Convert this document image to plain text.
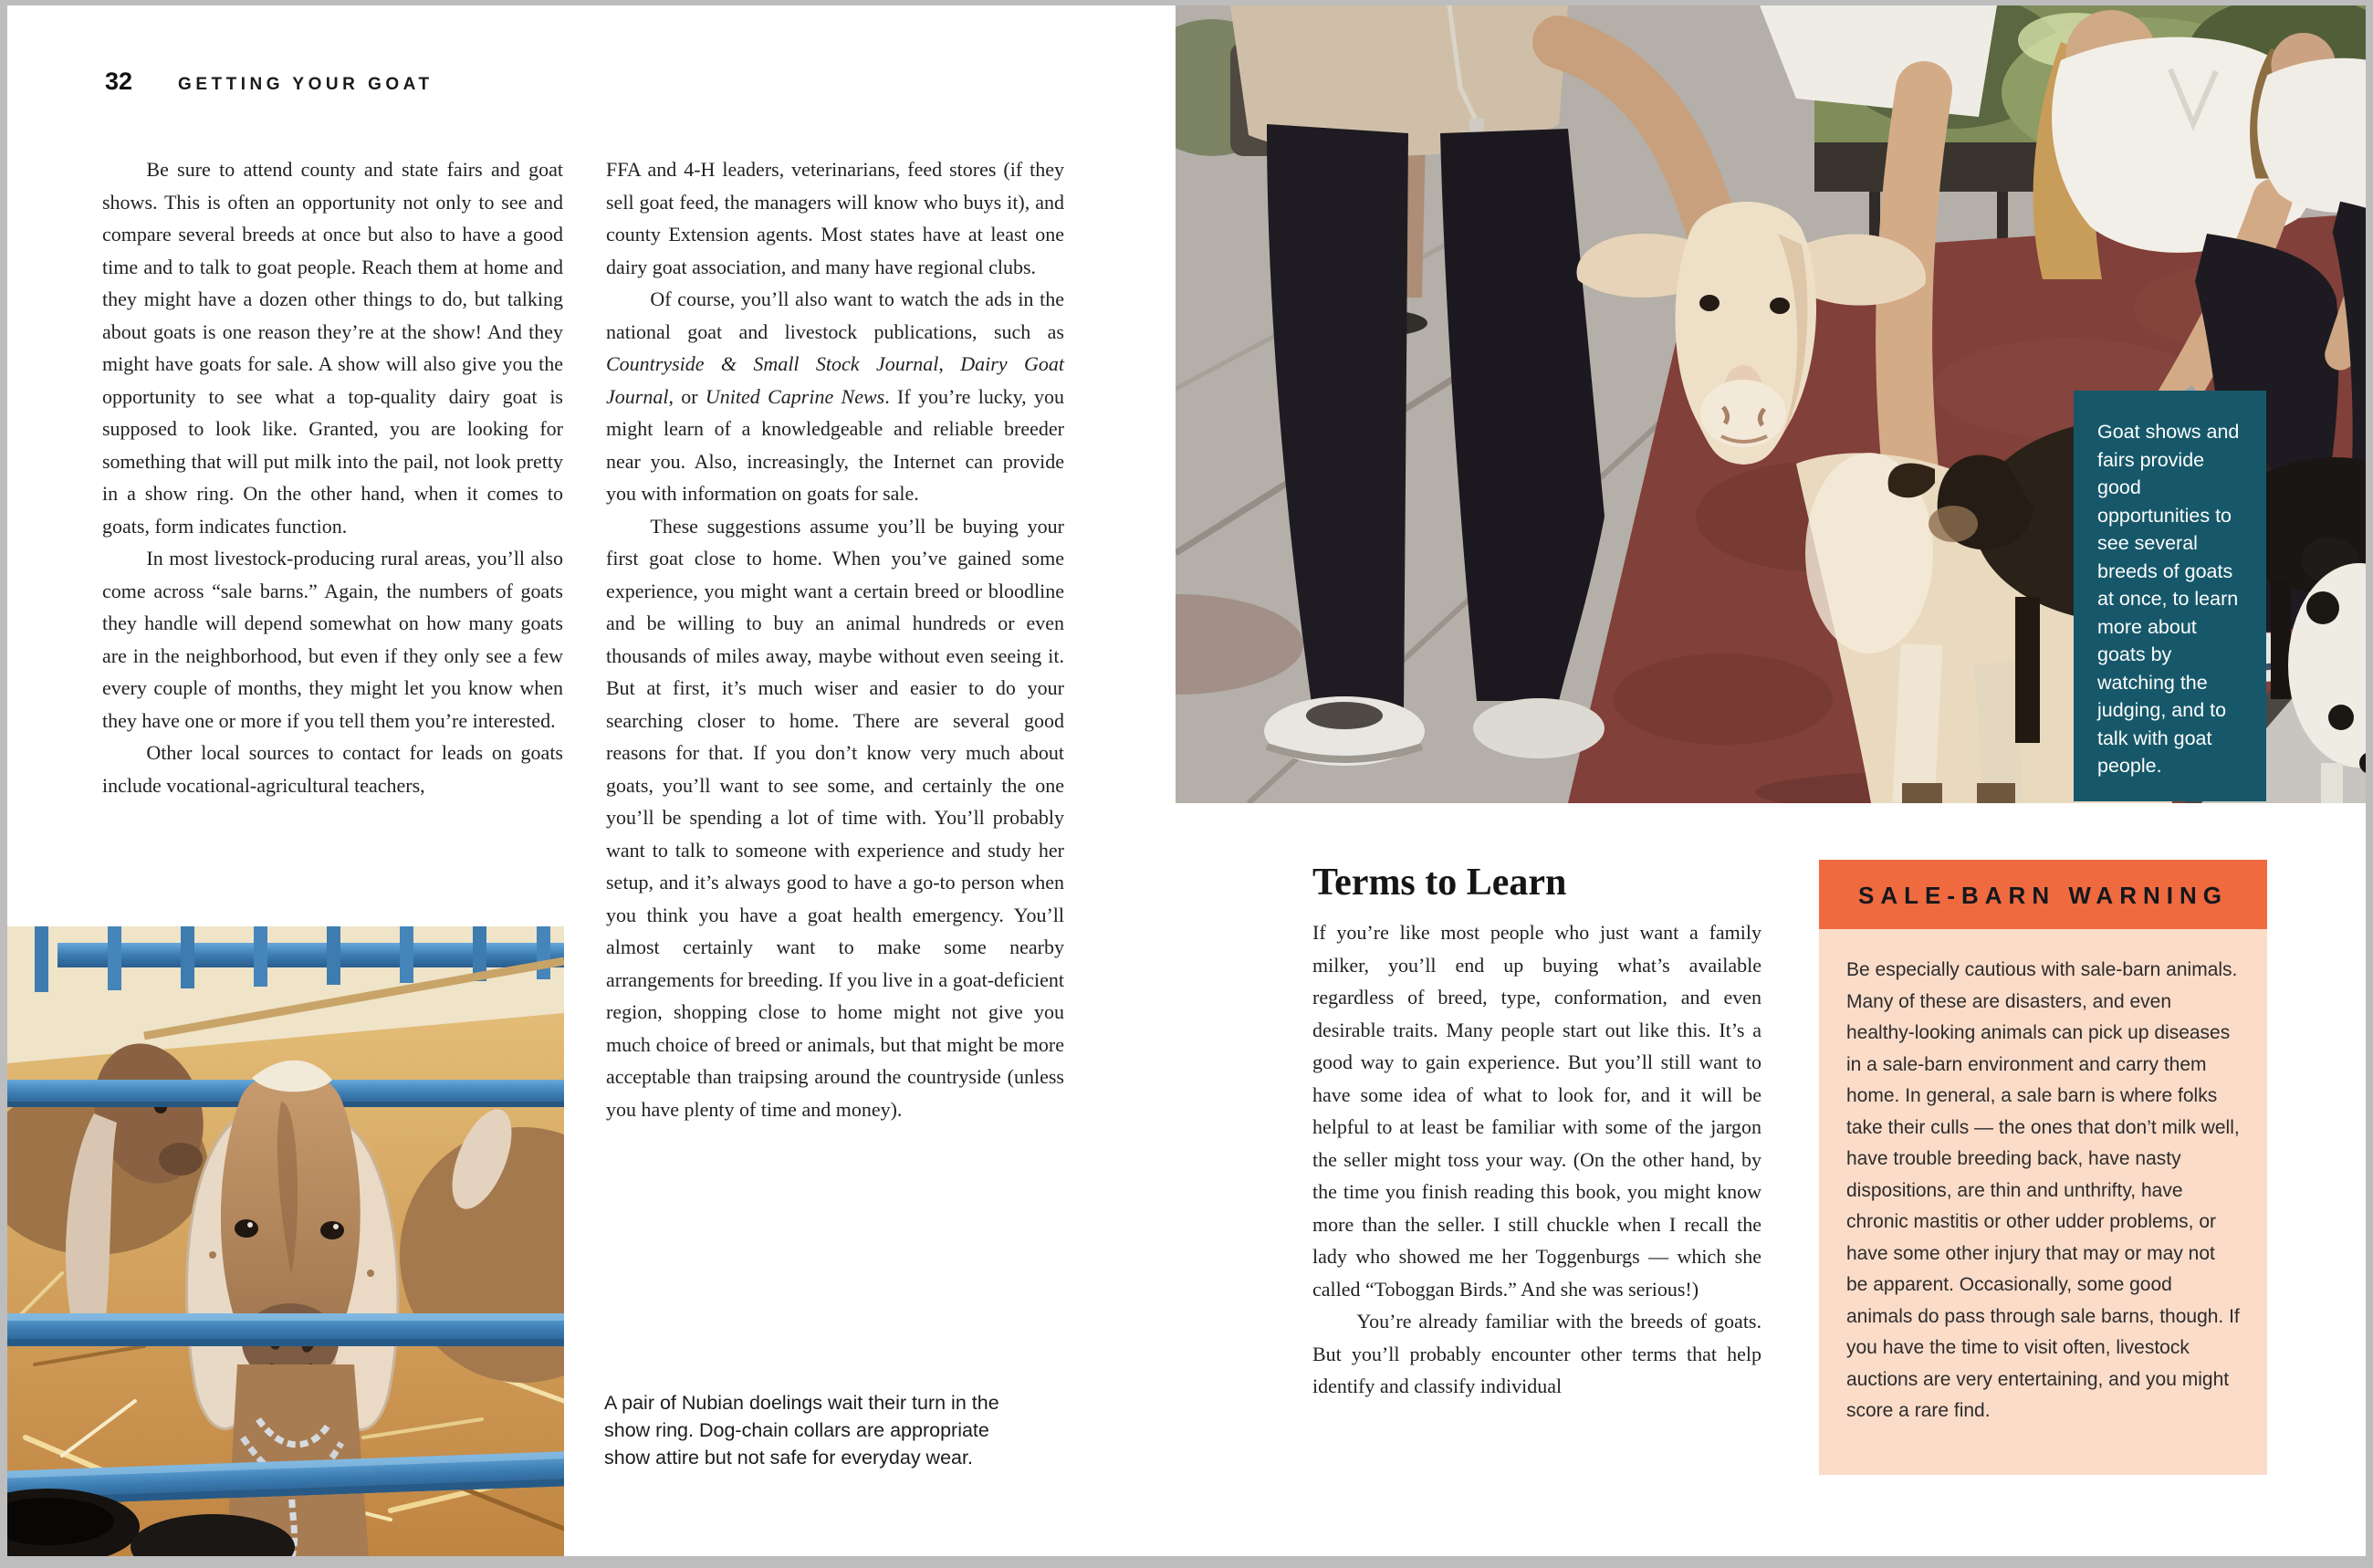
32	GETTING YOUR GOAT

Be sure to attend county and state fairs and goat shows. This is often an opportunity not only to see and compare several breeds at once but also to have a good time and to talk to goat people. Reach them at home and they might have a dozen other things to do, but talking about goats is one reason they’re at the show! And they might have goats for sale. A show will also give you the opportunity to see what a top-quality dairy goat is supposed to look like. Granted, you are looking for something that will put milk into the pail, not look pretty in a show ring. On the other hand, when it comes to goats, form indicates function.

In most livestock-producing rural areas, you’ll also come across “sale barns.” Again, the numbers of goats they handle will depend somewhat on how many goats are in the neighborhood, but even if they only see a few every couple of months, they might let you know when they have one or more if you tell them you’re interested.

Other local sources to contact for leads on goats include vocational-agricultural teachers,

FFA and 4-H leaders, veterinarians, feed stores (if they sell goat feed, the managers will know who buys it), and county Extension agents. Most states have at least one dairy goat association, and many have regional clubs.

Of course, you’ll also want to watch the ads in the national goat and livestock publications, such as Countryside & Small Stock Journal, Dairy Goat Journal, or United Caprine News. If you’re lucky, you might learn of a knowledgeable and reliable breeder near you. Also, increasingly, the Internet can provide you with information on goats for sale.

These suggestions assume you’ll be buying your first goat close to home. When you’ve gained some experience, you might want a certain breed or bloodline and be willing to buy an animal hundreds or even thousands of miles away, maybe without even seeing it. But at first, it’s much wiser and easier to do your searching closer to home. There are several good reasons for that. If you don’t know very much about goats, you’ll want to see some, and certainly the one you’ll be spending a lot of time with. You’ll probably want to talk to someone with experience and study her setup, and it’s always good to have a go-to person when you think you have a goat health emergency. You’ll almost certainly want to make some nearby arrangements for breeding. If you live in a goat-deficient region, shopping close to home might not give you much choice of breed or animals, but that might be more acceptable than traipsing around the countryside (unless you have plenty of time and money).

A pair of Nubian doelings wait their turn in the show ring. Dog-chain collars are appropriate show attire but not safe for everyday wear.
Goat shows and fairs provide good opportunities to see several breeds of goats at once, to learn more about goats by watching the judging, and to talk with goat people.
Terms to Learn

If you’re like most people who just want a family milker, you’ll end up buying what’s available regardless of breed, type, conformation, and even desirable traits. Many people start out like this. It’s a good way to gain experience. But you’ll still want to have some idea of what to look for, and it will be helpful to at least be familiar with some of the jargon the seller might toss your way. (On the other hand, by the time you finish reading this book, you might know more than the seller. I still chuckle when I recall the lady who showed me her Toggenburgs — which she called “Toboggan Birds.” And she was serious!)

You’re already familiar with the breeds of goats. But you’ll probably encounter other terms that help identify and classify individual

SALE-BARN WARNING
Be especially cautious with sale-barn animals. Many of these are disasters, and even healthy-looking animals can pick up diseases in a sale-barn environment and carry them home. In general, a sale barn is where folks take their culls — the ones that don’t milk well, have trouble breeding back, have nasty dispositions, are thin and unthrifty, have chronic mastitis or other udder problems, or have some other injury that may or may not be apparent. Occasionally, some good animals do pass through sale barns, though. If you have the time to visit often, livestock auctions are very entertaining, and you might score a rare find.
